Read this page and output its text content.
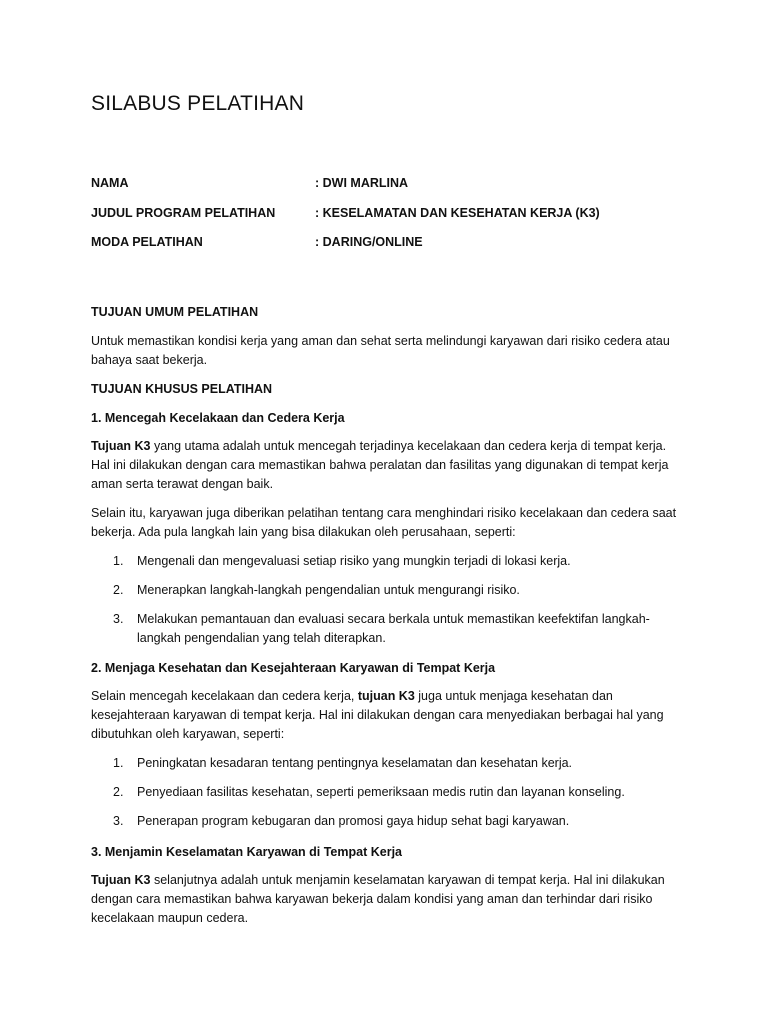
SILABUS PELATIHAN
NAMA	: DWI MARLINA
JUDUL PROGRAM PELATIHAN	: KESELAMATAN DAN KESEHATAN KERJA (K3)
MODA PELATIHAN	: DARING/ONLINE

TUJUAN UMUM PELATIHAN

Untuk memastikan kondisi kerja yang aman dan sehat serta melindungi karyawan dari risiko cedera atau bahaya saat bekerja.

TUJUAN KHUSUS PELATIHAN

1. Mencegah Kecelakaan dan Cedera Kerja

Tujuan K3 yang utama adalah untuk mencegah terjadinya kecelakaan dan cedera kerja di tempat kerja. Hal ini dilakukan dengan cara memastikan bahwa peralatan dan fasilitas yang digunakan di tempat kerja aman serta terawat dengan baik.

Selain itu, karyawan juga diberikan pelatihan tentang cara menghindari risiko kecelakaan dan cedera saat bekerja. Ada pula langkah lain yang bisa dilakukan oleh perusahaan, seperti:

1. Mengenali dan mengevaluasi setiap risiko yang mungkin terjadi di lokasi kerja.
2. Menerapkan langkah-langkah pengendalian untuk mengurangi risiko.
3. Melakukan pemantauan dan evaluasi secara berkala untuk memastikan keefektifan langkah-langkah pengendalian yang telah diterapkan.

2. Menjaga Kesehatan dan Kesejahteraan Karyawan di Tempat Kerja

Selain mencegah kecelakaan dan cedera kerja, tujuan K3 juga untuk menjaga kesehatan dan kesejahteraan karyawan di tempat kerja. Hal ini dilakukan dengan cara menyediakan berbagai hal yang dibutuhkan oleh karyawan, seperti:

1. Peningkatan kesadaran tentang pentingnya keselamatan dan kesehatan kerja.
2. Penyediaan fasilitas kesehatan, seperti pemeriksaan medis rutin dan layanan konseling.
3. Penerapan program kebugaran dan promosi gaya hidup sehat bagi karyawan.

3. Menjamin Keselamatan Karyawan di Tempat Kerja

Tujuan K3 selanjutnya adalah untuk menjamin keselamatan karyawan di tempat kerja. Hal ini dilakukan dengan cara memastikan bahwa karyawan bekerja dalam kondisi yang aman dan terhindar dari risiko kecelakaan maupun cedera.
